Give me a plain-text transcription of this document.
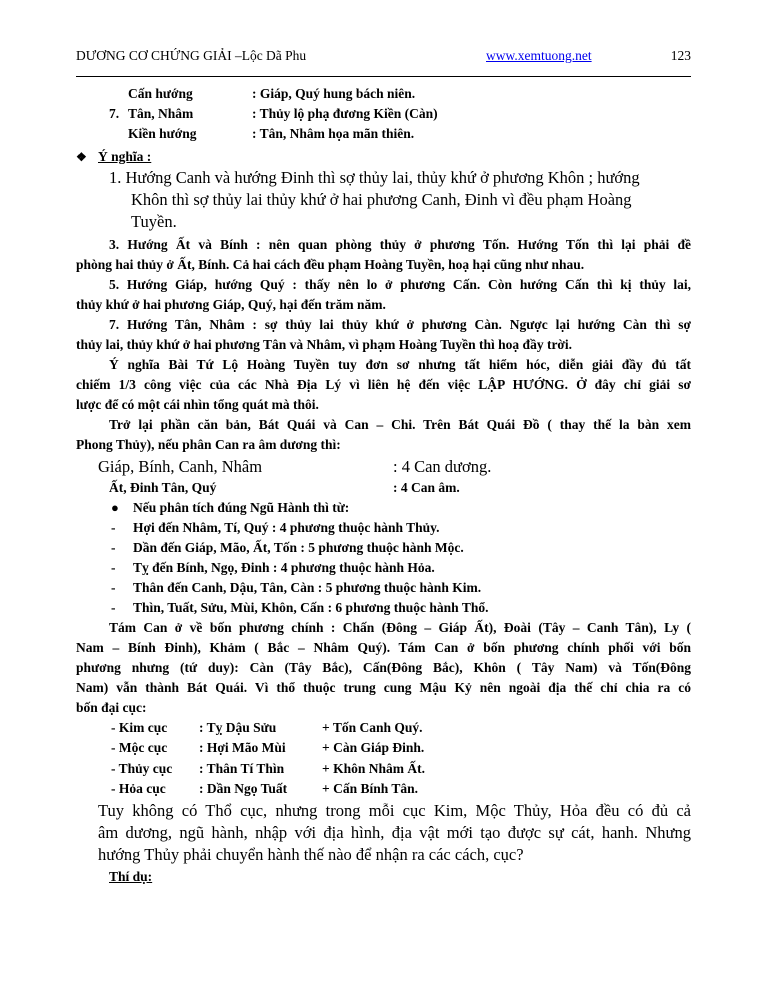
DƯƠNG CƠ CHỨNG GIẢI –Lộc Dã Phu	www.xemtuong.net	123
Cấn hướng	: Giáp, Quý hung bách niên.
7. Tân, Nhâm	: Thủy lộ phạ đương Kiền (Càn)
Kiền hướng	: Tân, Nhâm họa mãn thiên.
❖ Ý nghĩa :
1. Hướng Canh và hướng Đinh thì sợ thủy lai, thủy khứ ở phương Khôn ; hướng
Khôn thì sợ thủy lai thủy khứ ở hai phương Canh, Đinh vì đều phạm Hoàng
Tuyền.
3. Hướng Ất và Bính : nên quan phòng thủy ở phương Tốn. Hướng Tốn thì lại phải đề
phòng hai thủy ở Ất, Bính. Cả hai cách đều phạm Hoàng Tuyền, hoạ hại cũng như nhau.
5. Hướng Giáp, hướng Quý : thấy nên lo ở phương Cấn. Còn hướng Cấn thì kị thủy lai,
thủy khứ ở hai phương Giáp, Quý, hại đến trăm năm.
7. Hướng Tân, Nhâm : sợ thủy lai thủy khứ ở phương Càn. Ngược lại hướng Càn thì sợ
thủy lai, thủy khứ ở hai phương Tân và Nhâm, vì phạm Hoàng Tuyền thì hoạ đầy trời.
Ý nghĩa Bài Tứ Lộ Hoàng Tuyền tuy đơn sơ nhưng tất hiểm hóc, diễn giải đầy đủ tất
chiếm 1/3 công việc của các Nhà Địa Lý vì liên hệ đến việc LẬP HƯỚNG. Ở đây chỉ giải sơ
lược để có một cái nhìn tổng quát mà thôi.
Trở lại phần căn bản, Bát Quái và Can – Chi. Trên Bát Quái Đồ ( thay thế la bàn xem
Phong Thủy), nếu phân Can ra âm dương thì:
Giáp, Bính, Canh, Nhâm	: 4 Can dương.
Ất, Đinh Tân, Quý	: 4 Can âm.
● Nếu phân tích đúng Ngũ Hành thì từ:
- Hợi đến Nhâm, Tí, Quý : 4 phương thuộc hành Thủy.
- Dần đến Giáp, Mão, Ất, Tốn : 5 phương thuộc hành Mộc.
- Tỵ đến Bính, Ngọ, Đinh : 4 phương thuộc hành Hỏa.
- Thân đến Canh, Dậu, Tân, Càn : 5 phương thuộc hành Kim.
- Thìn, Tuất, Sửu, Mùi, Khôn, Cấn : 6 phương thuộc hành Thổ.
Tám Can ở về bốn phương chính : Chấn (Đông – Giáp Ất), Đoài (Tây – Canh Tân), Ly (
Nam – Bính Đinh), Khảm ( Bắc – Nhâm Quý). Tám Can ở bốn phương chính phối với bốn
phương nhưng (tứ duy): Càn (Tây Bắc), Cấn(Đông Bắc), Khôn ( Tây Nam) và Tốn(Đông
Nam) vẫn thành Bát Quái. Vì thổ thuộc trung cung Mậu Kỷ nên ngoài địa thế chỉ chia ra có
bốn đại cục:
- Kim cục : Tỵ Dậu Sửu	+ Tốn Canh Quý.
- Mộc cục : Hợi Mão Mùi	+ Càn Giáp Đinh.
- Thủy cục : Thân Tí Thìn	+ Khôn Nhâm Ất.
- Hỏa cục : Dần Ngọ Tuất	+ Cấn Bính Tân.
Tuy không có Thổ cục, nhưng trong mỗi cục Kim, Mộc Thủy, Hỏa đều có đủ cả
âm dương, ngũ hành, nhập với địa hình, địa vật mới tạo được sự cát, hanh. Nhưng
hướng Thủy phải chuyển hành thế nào để nhận ra các cách, cục?
Thí dụ:
